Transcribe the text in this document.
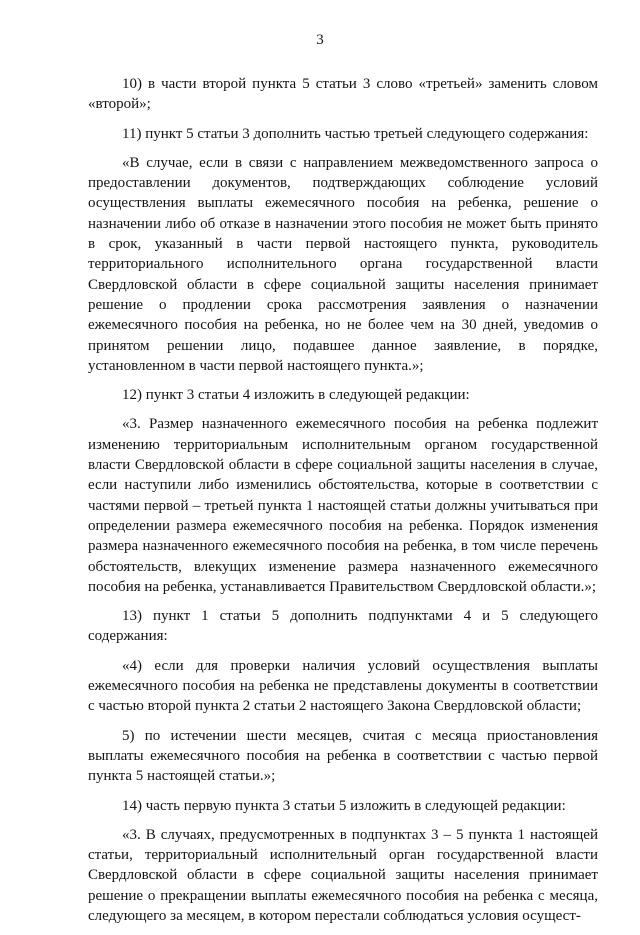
3

10) в части второй пункта 5 статьи 3 слово «третьей» заменить словом «второй»;

11) пункт 5 статьи 3 дополнить частью третьей следующего содержания:

«В случае, если в связи с направлением межведомственного запроса о предоставлении документов, подтверждающих соблюдение условий осуществления выплаты ежемесячного пособия на ребенка, решение о назначении либо об отказе в назначении этого пособия не может быть принято в срок, указанный в части первой настоящего пункта, руководитель территориального исполнительного органа государственной власти Свердловской области в сфере социальной защиты населения принимает решение о продлении срока рассмотрения заявления о назначении ежемесячного пособия на ребенка, но не более чем на 30 дней, уведомив о принятом решении лицо, подавшее данное заявление, в порядке, установленном в части первой настоящего пункта.»;

12) пункт 3 статьи 4 изложить в следующей редакции:

«3. Размер назначенного ежемесячного пособия на ребенка подлежит изменению территориальным исполнительным органом государственной власти Свердловской области в сфере социальной защиты населения в случае, если наступили либо изменились обстоятельства, которые в соответствии с частями первой – третьей пункта 1 настоящей статьи должны учитываться при определении размера ежемесячного пособия на ребенка. Порядок изменения размера назначенного ежемесячного пособия на ребенка, в том числе перечень обстоятельств, влекущих изменение размера назначенного ежемесячного пособия на ребенка, устанавливается Правительством Свердловской области.»;

13) пункт 1 статьи 5 дополнить подпунктами 4 и 5 следующего содержания:

«4) если для проверки наличия условий осуществления выплаты ежемесячного пособия на ребенка не представлены документы в соответствии с частью второй пункта 2 статьи 2 настоящего Закона Свердловской области;

5) по истечении шести месяцев, считая с месяца приостановления выплаты ежемесячного пособия на ребенка в соответствии с частью первой пункта 5 настоящей статьи.»;

14) часть первую пункта 3 статьи 5 изложить в следующей редакции:

«3. В случаях, предусмотренных в подпунктах 3 – 5 пункта 1 настоящей статьи, территориальный исполнительный орган государственной власти Свердловской области в сфере социальной защиты населения принимает решение о прекращении выплаты ежемесячного пособия на ребенка с месяца, следующего за месяцем, в котором перестали соблюдаться условия осущест-
